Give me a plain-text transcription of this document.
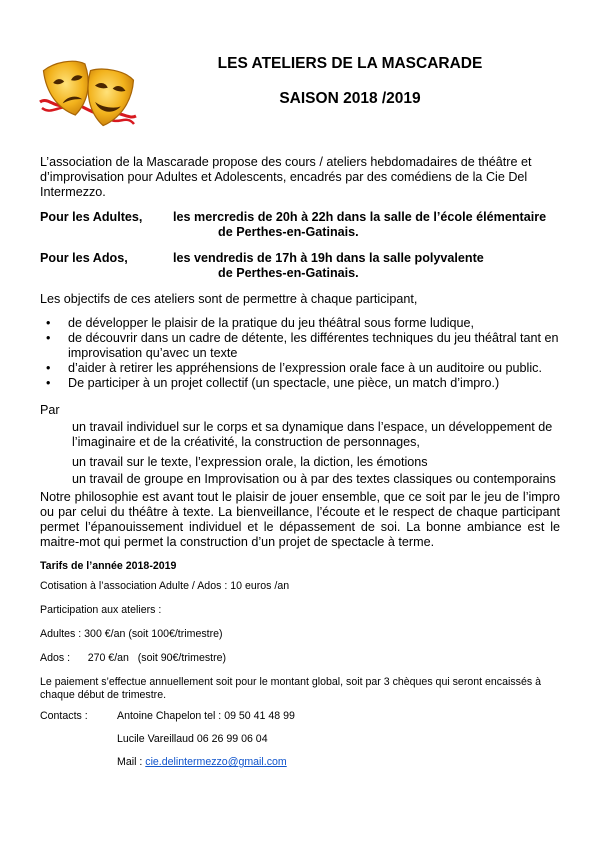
LES ATELIERS DE LA MASCARADE
SAISON 2018 /2019
L’association de la Mascarade propose des cours / ateliers hebdomadaires de théâtre et d’improvisation pour Adultes et Adolescents, encadrés par des comédiens de la Cie Del Intermezzo.
Pour les Adultes, les mercredis de 20h à 22h dans la salle de l’école élémentaire
de Perthes-en-Gatinais.
Pour les Ados,	les vendredis de 17h à 19h dans la salle polyvalente
de Perthes-en-Gatinais.
Les objectifs de ces ateliers sont de permettre à chaque participant,
• de développer le plaisir de la pratique du jeu théâtral sous forme ludique,
• de découvrir dans un cadre de détente, les différentes techniques du jeu théâtral tant en improvisation qu’avec un texte
• d’aider à retirer les appréhensions de l’expression orale face à un auditoire ou public.
• De participer à un projet collectif (un spectacle, une pièce, un match d’impro.)
Par
un travail individuel sur le corps et sa dynamique dans l’espace, un développement de l’imaginaire et de la créativité, la construction de personnages,
un travail sur le texte, l’expression orale, la diction, les émotions
un travail de groupe en Improvisation ou à par des textes classiques ou contemporains
Notre philosophie est avant tout le plaisir de jouer ensemble, que ce soit par le jeu de l’impro ou par celui du théâtre à texte. La bienveillance, l’écoute et le respect de chaque participant permet l’épanouissement individuel et le dépassement de soi. La bonne ambiance est le maitre-mot qui permet la construction d’un projet de spectacle à terme.
Tarifs de l’année 2018-2019
Cotisation à l’association Adulte / Ados : 10 euros /an
Participation aux ateliers :
Adultes : 300 €/an (soit 100€/trimestre)
Ados :      270 €/an   (soit 90€/trimestre)
Le paiement s’effectue annuellement soit pour le montant global, soit par 3 chèques qui seront encaissés à chaque début de trimestre.
Contacts :	Antoine Chapelon tel : 09 50 41 48 99
Lucile Vareillaud 06 26 99 06 04
Mail : cie.delintermezzo@gmail.com
